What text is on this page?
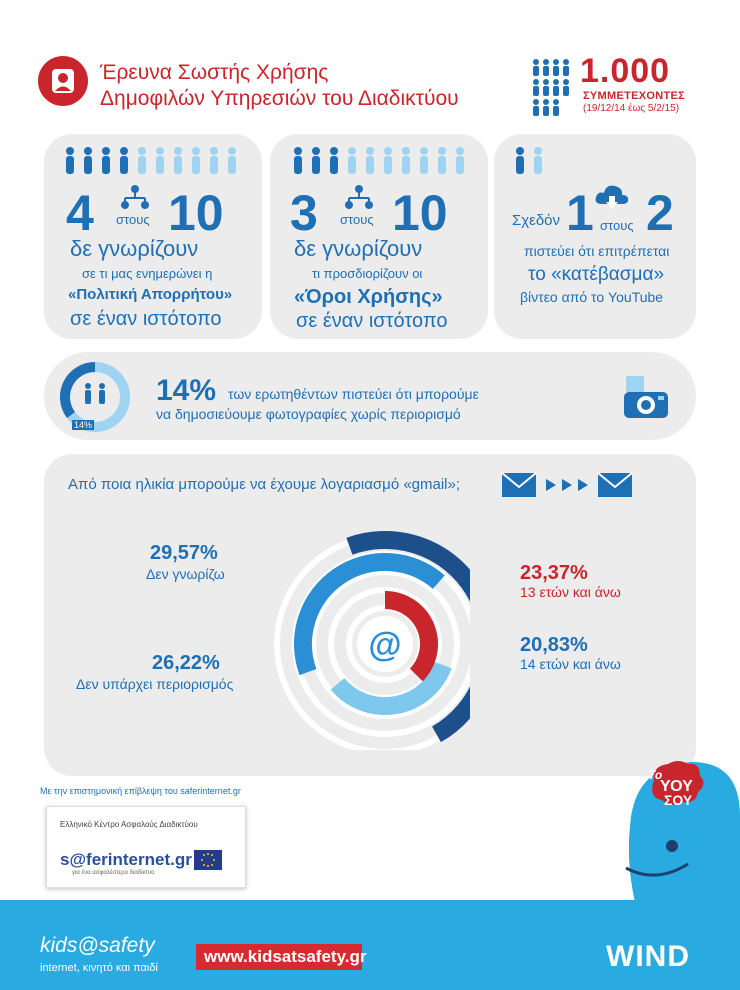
Έρευνα Σωστής Χρήσης
Δημοφιλών Υπηρεσιών του Διαδικτύου
1.000
ΣΥΜΜΕΤΕΧΟΝΤΕΣ
(19/12/14 έως 5/2/15)
4 στους 10
δε γνωρίζουν
σε τι μας ενημερώνει η
«Πολιτική Απορρήτου»
σε έναν ιστότοπο
3 στους 10
δε γνωρίζουν
τι προσδιορίζουν οι
«Όροι Χρήσης»
σε έναν ιστότοπο
Σχεδόν 1 στους 2
πιστεύει ότι επιτρέπεται
το «κατέβασμα»
βίντεο από το YouTube
14%
14% των ερωτηθέντων πιστεύει ότι μπορούμε
να δημοσιεύουμε φωτογραφίες χωρίς περιορισμό
Από ποια ηλικία μπορούμε να έχουμε λογαριασμό «gmail»;
@
29,57%
Δεν γνωρίζω
26,22%
Δεν υπάρχει περιορισμός
23,37%
13 ετών και άνω
20,83%
14 ετών και άνω
Με την επιστημονική επίβλεψη του saferinternet.gr
Ελληνικό Κέντρο Ασφαλούς Διαδικτύου
s@ferinternet.gr
για ένα ασφαλέστερο διαδίκτυο
Το
ΥΟΥ
ΣΟΥ
kids@safety
internet, κινητό και παιδί
www.kidsatsafety.gr	WIND
